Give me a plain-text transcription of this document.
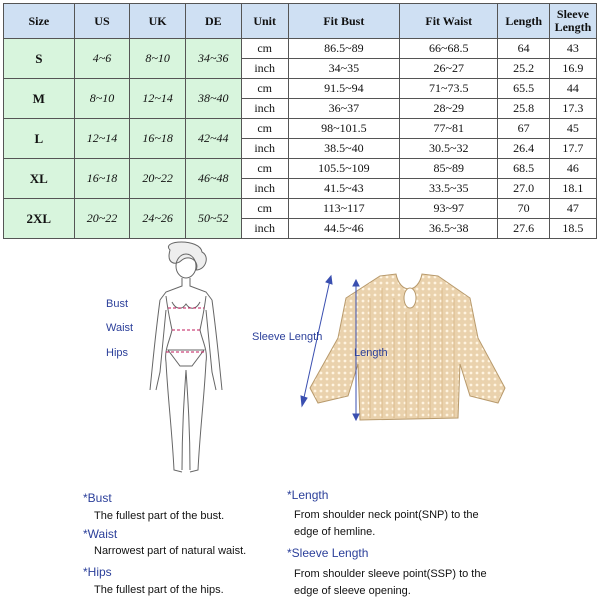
Size	US	UK	DE	Unit	Fit Bust	Fit Waist	Length	Sleeve Length
S	4~6	8~10	34~36	cm	86.5~89	66~68.5	64	43
				inch	34~35	26~27	25.2	16.9
M	8~10	12~14	38~40	cm	91.5~94	71~73.5	65.5	44
				inch	36~37	28~29	25.8	17.3
L	12~14	16~18	42~44	cm	98~101.5	77~81	67	45
				inch	38.5~40	30.5~32	26.4	17.7
XL	16~18	20~22	46~48	cm	105.5~109	85~89	68.5	46
				inch	41.5~43	33.5~35	27.0	18.1
2XL	20~22	24~26	50~52	cm	113~117	93~97	70	47
				inch	44.5~46	36.5~38	27.6	18.5
Bust
Waist
Hips
Sleeve Length
Length
*Bust
The fullest part of the bust.
*Waist
Narrowest part of natural waist.
*Hips
The fullest part of the hips.
*Length
From shoulder neck point(SNP) to the
edge of hemline.
*Sleeve Length
From shoulder sleeve point(SSP) to the
edge of sleeve opening.
